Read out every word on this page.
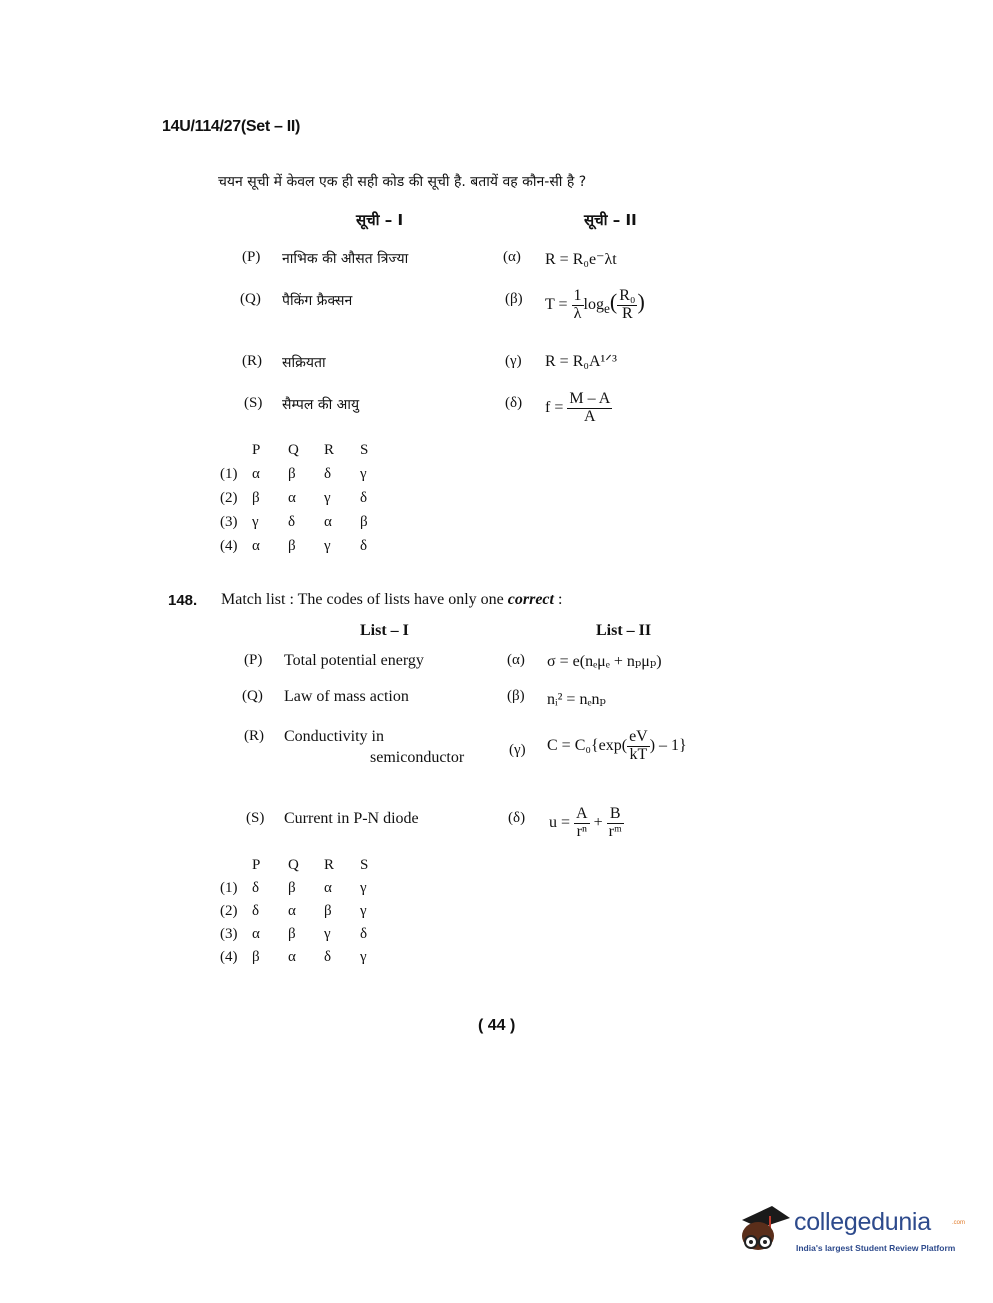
14U/114/27(Set – II)
चयन सूची में केवल एक ही सही कोड की सूची है. बतायें वह कौन-सी है ?
सूची – I	सूची – II
(P) नाभिक की औसत त्रिज्या	(α) R = R₀e⁻λt
(Q) पैकिंग फ्रैक्सन	(β) $T = \frac{1}{\lambda} \log_e( \frac{\text{R₀}}{R}$ )
(R) सक्रियता	(γ) R = R₀A¹ᐟ³
(S) सैम्पल की आयु	(δ) $f = \frac{M - A}{A}$
P	Q	R	S
(1) α	β	δ	γ
(2) β	α	γ	δ
(3) γ	δ	α	β
(4) α	β	γ	δ
148. Match list : The codes of lists have only one correct :
List – I	List – II
(P) Total potential energy	(α) σ = e(nₑμₑ + nₚμₚ)
(Q) Law of mass action	(β) nᵢ² = nₑnₚ
(R) Conductivity in
semiconductor	(γ) $C = C_0\{\exp( \frac{eV}{kT}$ ) – 1}
(S) Current in P-N diode	(δ) $u = \frac{A}{\text{rⁿ}} + \frac{B}{\text{rᵐ}}$
P	Q	R	S
(1) δ	β	α	γ
(2) δ	α	β	γ
(3) α	β	γ	δ
(4) β	α	δ	γ
( 44 )
collegedunia	.com
India's largest Student Review Platform
